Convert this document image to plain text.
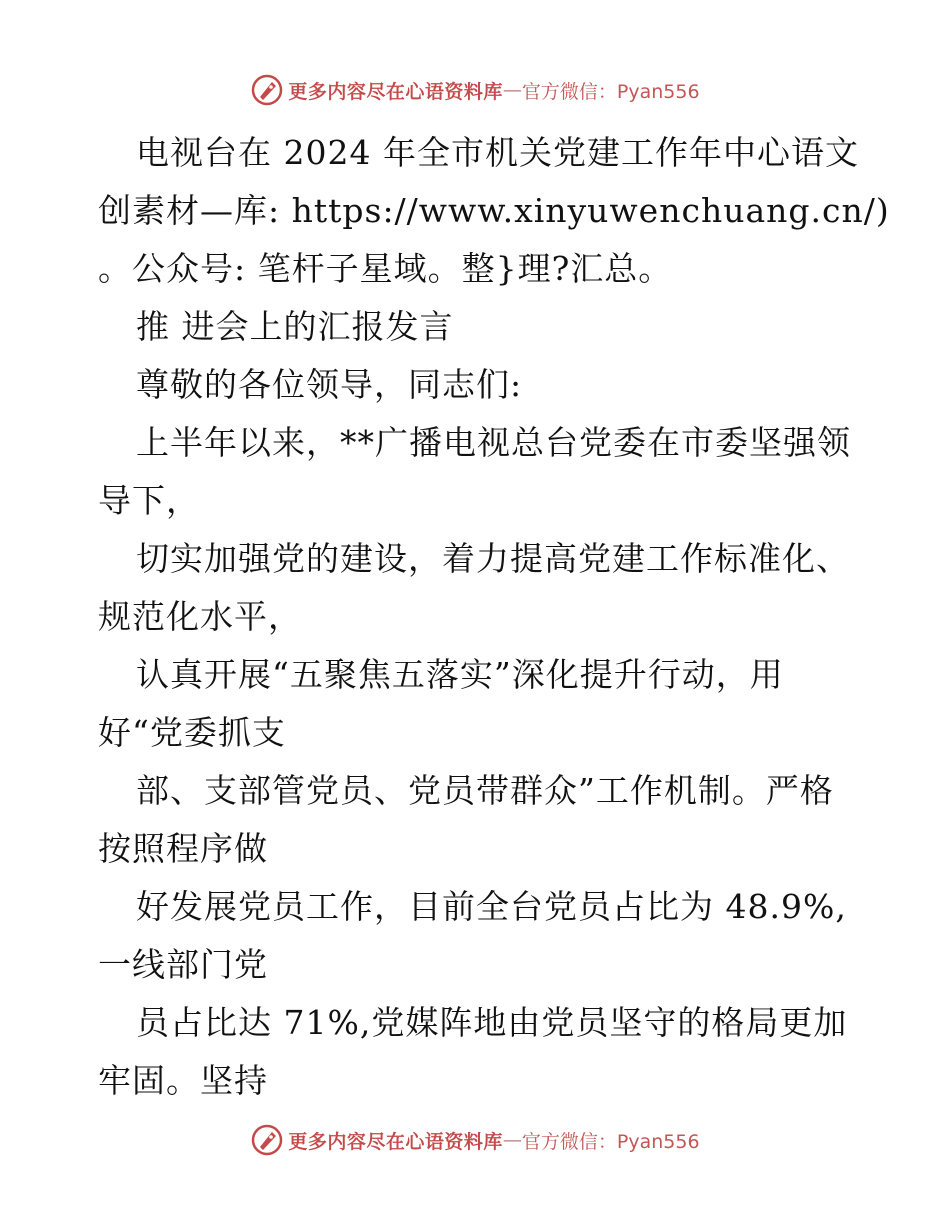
更多内容尽在心语资料库 — 官方微信：Pyan556
电视台在 2024 年全市机关党建工作年中心语文
创素材—库: https://www.xinyuwenchuang.cn/)
。公众号: 笔杆子星域。整}理?汇总。
推 进会上的汇报发言
尊敬的各位领导，同志们:
上半年以来，**广播电视总台党委在市委坚强领
导下，
切实加强党的建设，着力提高党建工作标准化、
规范化水平，
认真开展“五聚焦五落实”深化提升行动，用
好“党委抓支
部、支部管党员、党员带群众”工作机制。严格
按照程序做
好发展党员工作，目前全台党员占比为 48.9%,
一线部门党
员占比达 71%,党媒阵地由党员坚守的格局更加
牢固。坚持
更多内容尽在心语资料库 — 官方微信：Pyan556
